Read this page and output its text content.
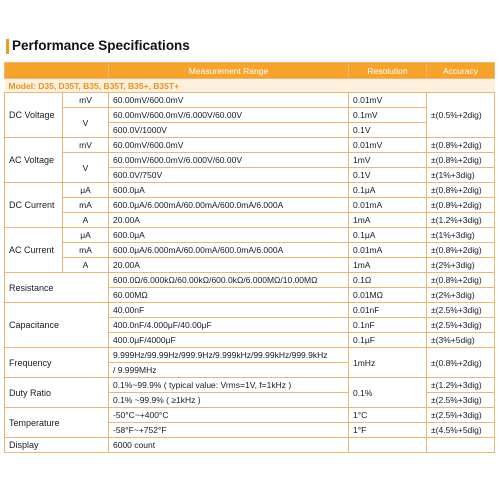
Performance Specifications
		Measurement Range	Resolution	Accuracy
Model: D35, D35T, B35, B35T, B35+, B35T+				
DC Voltage	mV	60.00mV/600.0mV	0.01mV	±(0.5%+2dig)
	V	60.00mV/600.0mV/6.000V/60.00V	0.1mV	
		600.0V/1000V	0.1V	
AC Voltage	mV	60.00mV/600.0mV	0.01mV	±(0.8%+2dig)
	V	60.00mV/600.0mV/6.000V/60.00V	1mV	±(0.8%+2dig)
		600.0V/750V	0.1V	±(1%+3dig)
DC Current	μA	600.0μA	0.1μA	±(0.8%+2dig)
	mA	600.0μA/6.000mA/60.00mA/600.0mA/6.000A	0.01mA	±(0.8%+2dig)
	A	20.00A	1mA	±(1.2%+3dig)
AC Current	μA	600.0μA	0.1μA	±(1%+3dig)
	mA	600.0μA/6.000mA/60.00mA/600.0mA/6.000A	0.01mA	±(0.8%+2dig)
	A	20.00A	1mA	±(2%+3dig)
Resistance		600.0Ω/6.000kΩ/60.00kΩ/600.0kΩ/6.000MΩ/10.00MΩ	0.1Ω	±(0.8%+2dig)
		60.00MΩ	0.01MΩ	±(2%+3dig)
Capacitance		40.00nF	0.01nF	±(2.5%+3dig)
		400.0nF/4.000μF/40.00μF	0.1nF	±(2.5%+3dig)
		400.0μF/4000μF	0.1μF	±(3%+5dig)
Frequency		9.999Hz/99.99Hz/999.9Hz/9.999kHz/99.99kHz/999.9kHz	1mHz	±(0.8%+2dig)
		/ 9.999MHz		
Duty Ratio		0.1%~99.9% ( typical value: Vrms=1V, f=1kHz )	0.1%	±(1.2%+3dig)
		0.1% ~99.9% ( ≥1kHz )		±(2.5%+3dig)
Temperature		-50°C~+400°C	1°C	±(2.5%+3dig)
		-58°F~+752°F	1°F	±(4.5%+5dig)
Display		6000 count		
